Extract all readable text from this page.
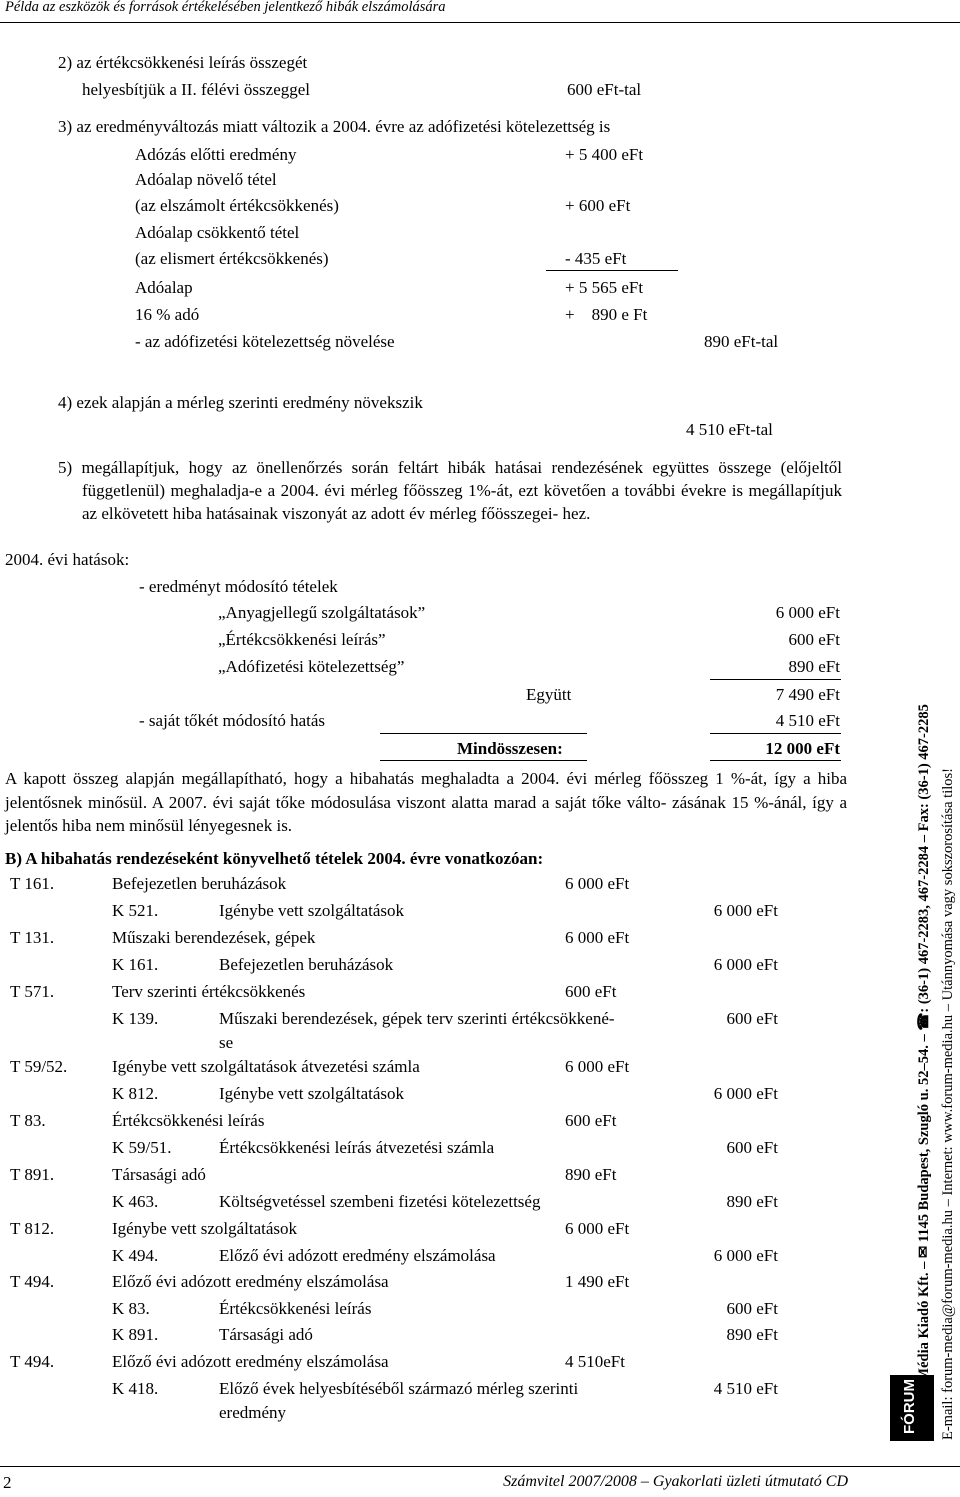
Példa az eszközök és források értékelésében jelentkező hibák elszámolására
2) az értékcsökkenési leírás összegét
helyesbítjük a II. félévi összeggel	600 eFt-tal
3) az eredményváltozás miatt változik a 2004. évre az adófizetési kötelezettség is
Adózás előtti eredmény	+ 5 400 eFt
Adóalap növelő tétel
(az elszámolt értékcsökkenés)	+ 600 eFt
Adóalap csökkentő tétel
(az elismert értékcsökkenés)	- 435 eFt
Adóalap	+ 5 565 eFt
16 % adó	+    890 e Ft
- az adófizetési kötelezettség növelése	890 eFt-tal
4) ezek alapján a mérleg szerinti eredmény növekszik
4 510 eFt-tal
5) megállapítjuk, hogy az önellenőrzés során feltárt hibák hatásai rendezésének együttes összege (előjeltől függetlenül) meghaladja-e a 2004. évi mérleg főösszeg 1%-át, ezt követően a további évekre is megállapítjuk az elkövetett hiba hatásainak viszonyát az adott év mérleg főösszegei- hez.
2004. évi hatások:
- eredményt módosító tételek
„Anyagjellegű szolgáltatások”	6 000 eFt
„Értékcsökkenési leírás”	600 eFt
„Adófizetési kötelezettség”	890 eFt
Együtt	7 490 eFt
- saját tőkét módosító hatás	4 510 eFt
Mindösszesen:	12 000 eFt
A kapott összeg alapján megállapítható, hogy a hibahatás meghaladta a 2004. évi mérleg főösszeg 1 %-át, így a hiba jelentősnek minősül. A 2007. évi saját tőke módosulása viszont alatta marad a saját tőke válto- zásának 15 %-ánál, így a jelentős hiba nem minősül lényegesnek is.
B) A hibahatás rendezéseként könyvelhető tételek 2004. évre vonatkozóan:
T 161.	Befejezetlen beruházások	6 000 eFt
K 521.	Igénybe vett szolgáltatások	6 000 eFt
T 131.	Műszaki berendezések, gépek	6 000 eFt
K 161.	Befejezetlen beruházások	6 000 eFt
T 571.	Terv szerinti értékcsökkenés	600 eFt
K 139.	Műszaki berendezések, gépek terv szerinti értékcsökkené-
se
600 eFt
T 59/52.	Igénybe vett szolgáltatások átvezetési számla	6 000 eFt
K 812.	Igénybe vett szolgáltatások	6 000 eFt
T 83.	Értékcsökkenési leírás	600 eFt
K 59/51.	Értékcsökkenési leírás átvezetési számla	600 eFt
T 891.	Társasági adó	890 eFt
K 463.	Költségvetéssel szembeni fizetési kötelezettség	890 eFt
T 812.	Igénybe vett szolgáltatások	6 000 eFt
K 494.	Előző évi adózott eredmény elszámolása	6 000 eFt
T 494.	Előző évi adózott eredmény elszámolása	1 490 eFt
K 83.	Értékcsökkenési leírás	600 eFt
K 891.	Társasági adó	890 eFt
T 494.	Előző évi adózott eredmény elszámolása	4 510eFt
K 418.	Előző évek helyesbítéséből származó mérleg szerinti
eredmény
4 510 eFt	FÓRUM
FÓRUM Média Kiadó Kft. – ✉ 1145 Budapest, Szugló u. 52–54. – ☎: (36-1) 467-2283, 467-2284 – Fax: (36-1) 467-2285 E-mail: forum-media@forum-media.hu – Internet: www.forum-media.hu – Utánnyomása vagy sokszorosítása tilos!
2	Számvitel 2007/2008 – Gyakorlati üzleti útmutató CD
